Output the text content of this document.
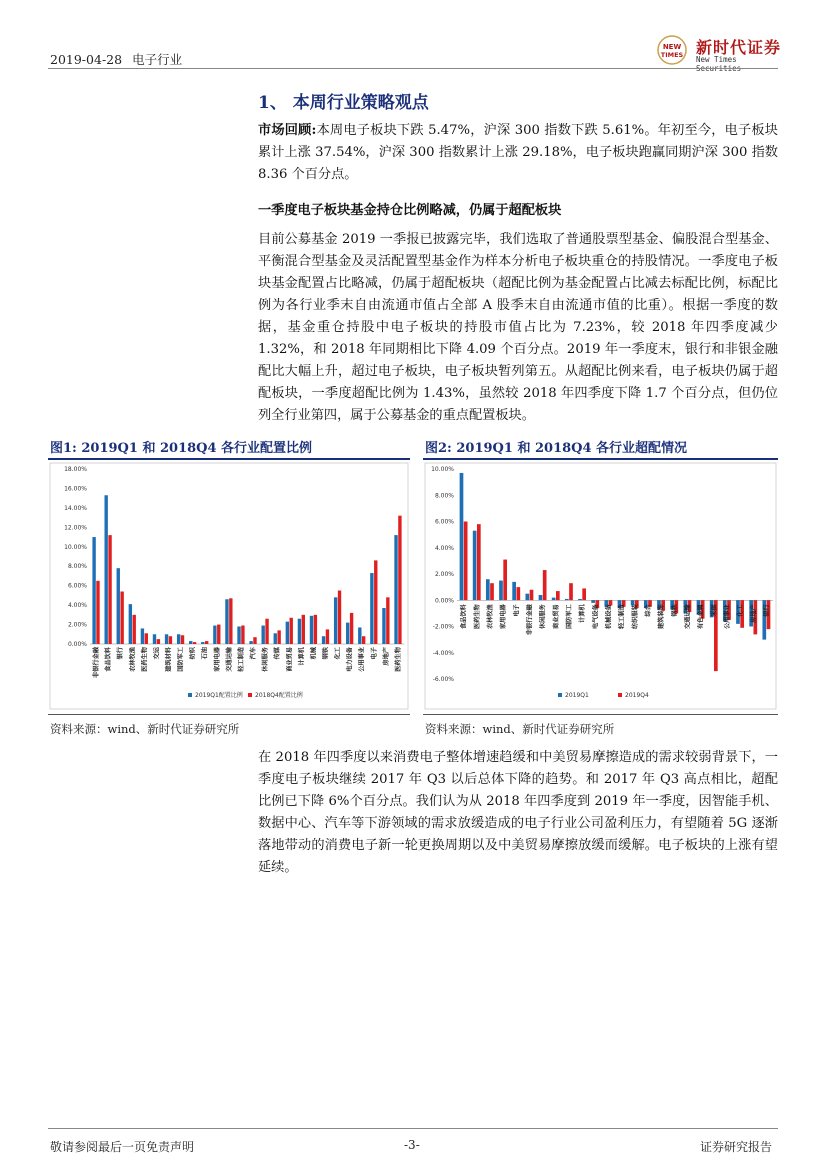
2019-04-28 电子行业
NEW
TIMES 新时代证券
New Times
1、 本周行业策略观点
市场回顾:本周电子板块下跌 5.47%，沪深 300 指数下跌 5.61%。年初至今，电子板块累计上涨 37.54%，沪深 300 指数累计上涨 29.18%，电子板块跑赢同期沪深 300 指数 8.36 个百分点。
一季度电子板块基金持仓比例略减，仍属于超配板块
目前公募基金 2019 一季报已披露完毕，我们选取了普通股票型基金、偏股混合型基金、平衡混合型基金及灵活配置型基金作为样本分析电子板块重仓的持股情况。一季度电子板块基金配置占比略减，仍属于超配板块（超配比例为基金配置占比减去标配比例，标配比例为各行业季末自由流通市值占全部 A 股季末自由流通市值的比重）。根据一季度的数据，基金重仓持股中电子板块的持股市值占比为 7.23%，较 2018 年四季度减少 1.32%，和 2018 年同期相比下降 4.09 个百分点。2019 年一季度末，银行和非银金融配比大幅上升，超过电子板块，电子板块暂列第五。从超配比例来看，电子板块仍属于超配板块，一季度超配比例为 1.43%，虽然较 2018 年四季度下降 1.7 个百分点，但仍位列全行业第四，属于公募基金的重点配置板块。
图1: 2019Q1 和 2018Q4 各行业配置比例	图2: 2019Q1 和 2018Q4 各行业超配情况
0.00%
2.00%
4.00%
6.00%
8.00%
10.00%
12.00%
14.00%
16.00%
18.00%
非银行金融 食品饮料 银行 农林牧渔 医药生物 交运 建筑材料 国防军工 纺织 石油 家用电器 交通运输 轻工制造 汽车 休闲服务 传媒 商业贸易 计算机 机械 钢铁 化工 电力设备 公用事业 电子 房地产 医药生物
2019Q1配置比例 2018Q4配置比例
-6.00%
-4.00%
-2.00%
0.00%
2.00%
4.00%
6.00%
8.00%
10.00%
食品饮料 医药生物 农林牧渔 家用电器 电子 非银行金融 休闲服务 商业贸易 国防军工 计算机 电气设备 机械设备 轻工制造 纺织服装 综合 建筑装饰 钢铁 交通运输 有色金属 采掘 公用事业 化工 房地产 银行
2019Q1	2019Q4
资料来源：wind、新时代证券研究所	资料来源：wind、新时代证券研究所
在 2018 年四季度以来消费电子整体增速趋缓和中美贸易摩擦造成的需求较弱背景下，一季度电子板块继续 2017 年 Q3 以后总体下降的趋势。和 2017 年 Q3 高点相比，超配比例已下降 6%个百分点。我们认为从 2018 年四季度到 2019 年一季度，因智能手机、数据中心、汽车等下游领域的需求放缓造成的电子行业公司盈利压力，有望随着 5G 逐渐落地带动的消费电子新一轮更换周期以及中美贸易摩擦放缓而缓解。电子板块的上涨有望延续。
敬请参阅最后一页免责声明	-3-	证券研究报告
